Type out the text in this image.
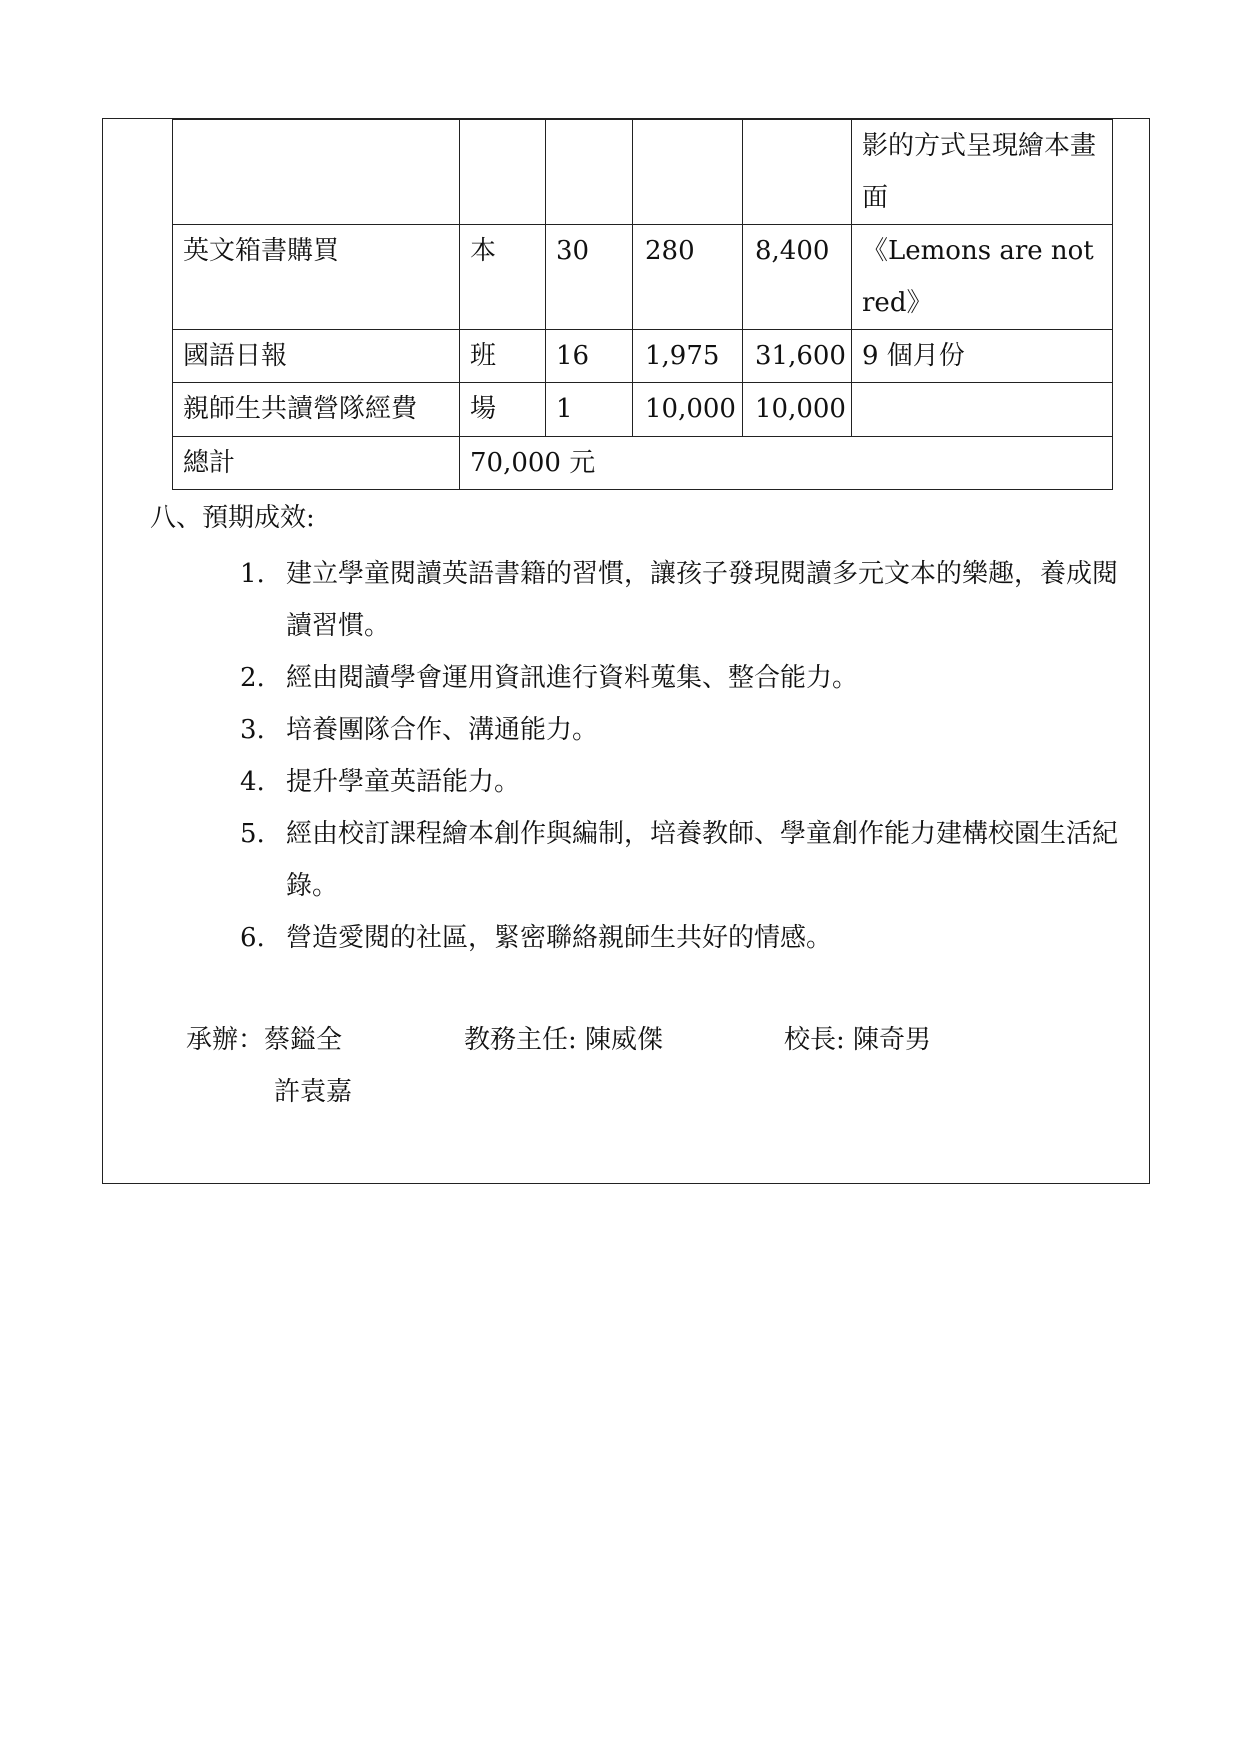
					影的方式呈現繪本畫面
英文箱書購買	本	30	280	8,400	《Lemons are not red》
國語日報	班	16	1,975	31,600	9 個月份
親師生共讀營隊經費	場	1	10,000	10,000	
總計	70,000 元				
八、預期成效:
1. 建立學童閱讀英語書籍的習慣，讓孩子發現閱讀多元文本的樂趣，養成閱讀習慣。
2. 經由閱讀學會運用資訊進行資料蒐集、整合能力。
3. 培養團隊合作、溝通能力。
4. 提升學童英語能力。
5. 經由校訂課程繪本創作與編制，培養教師、學童創作能力建構校園生活紀錄。
6. 營造愛閱的社區，緊密聯絡親師生共好的情感。
承辦：蔡鎰全
許袁嘉
教務主任: 陳威傑	校長: 陳奇男
